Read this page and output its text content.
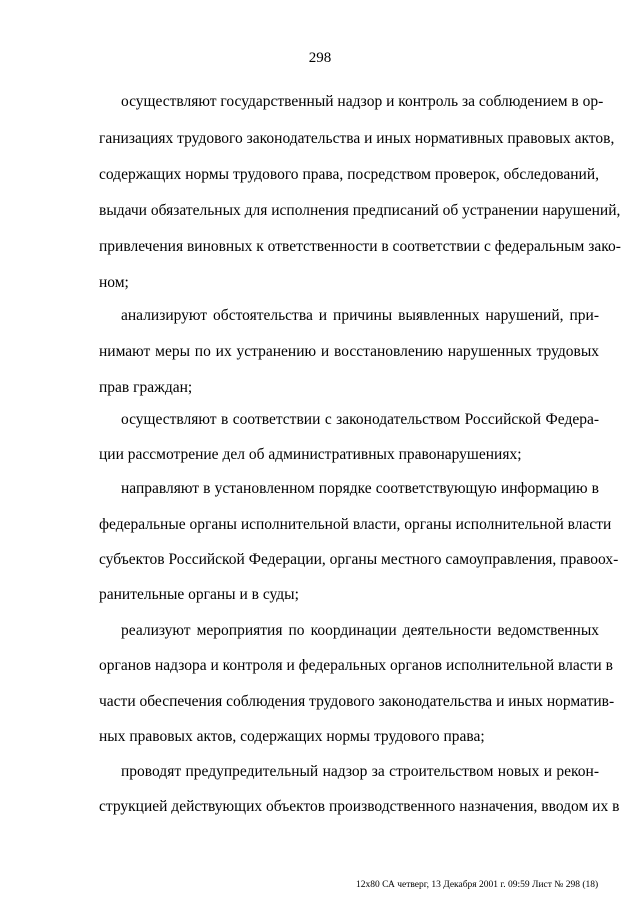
298
осуществляют государственный надзор и контроль за соблюдением в ор-
ганизациях трудового законодательства и иных нормативных правовых актов,
содержащих нормы трудового права, посредством проверок, обследований,
выдачи обязательных для исполнения предписаний об устранении нарушений,
привлечения виновных к ответственности в соответствии с федеральным зако-
ном;
анализируют обстоятельства и причины выявленных нарушений, при-
нимают меры по их устранению и восстановлению нарушенных трудовых
прав граждан;
осуществляют в соответствии с законодательством Российской Федера-
ции рассмотрение дел об административных правонарушениях;
направляют в установленном порядке соответствующую информацию в
федеральные органы исполнительной власти, органы исполнительной власти
субъектов Российской Федерации, органы местного самоуправления, правоох-
ранительные органы и в суды;
реализуют мероприятия по координации деятельности ведомственных
органов надзора и контроля и федеральных органов исполнительной власти в
части обеспечения соблюдения трудового законодательства и иных норматив-
ных правовых актов, содержащих нормы трудового права;
проводят предупредительный надзор за строительством новых и рекон-
струкцией действующих объектов производственного назначения, вводом их в
12х80 СА четверг, 13 Декабря 2001 г. 09:59 Лист № 298 (18)
